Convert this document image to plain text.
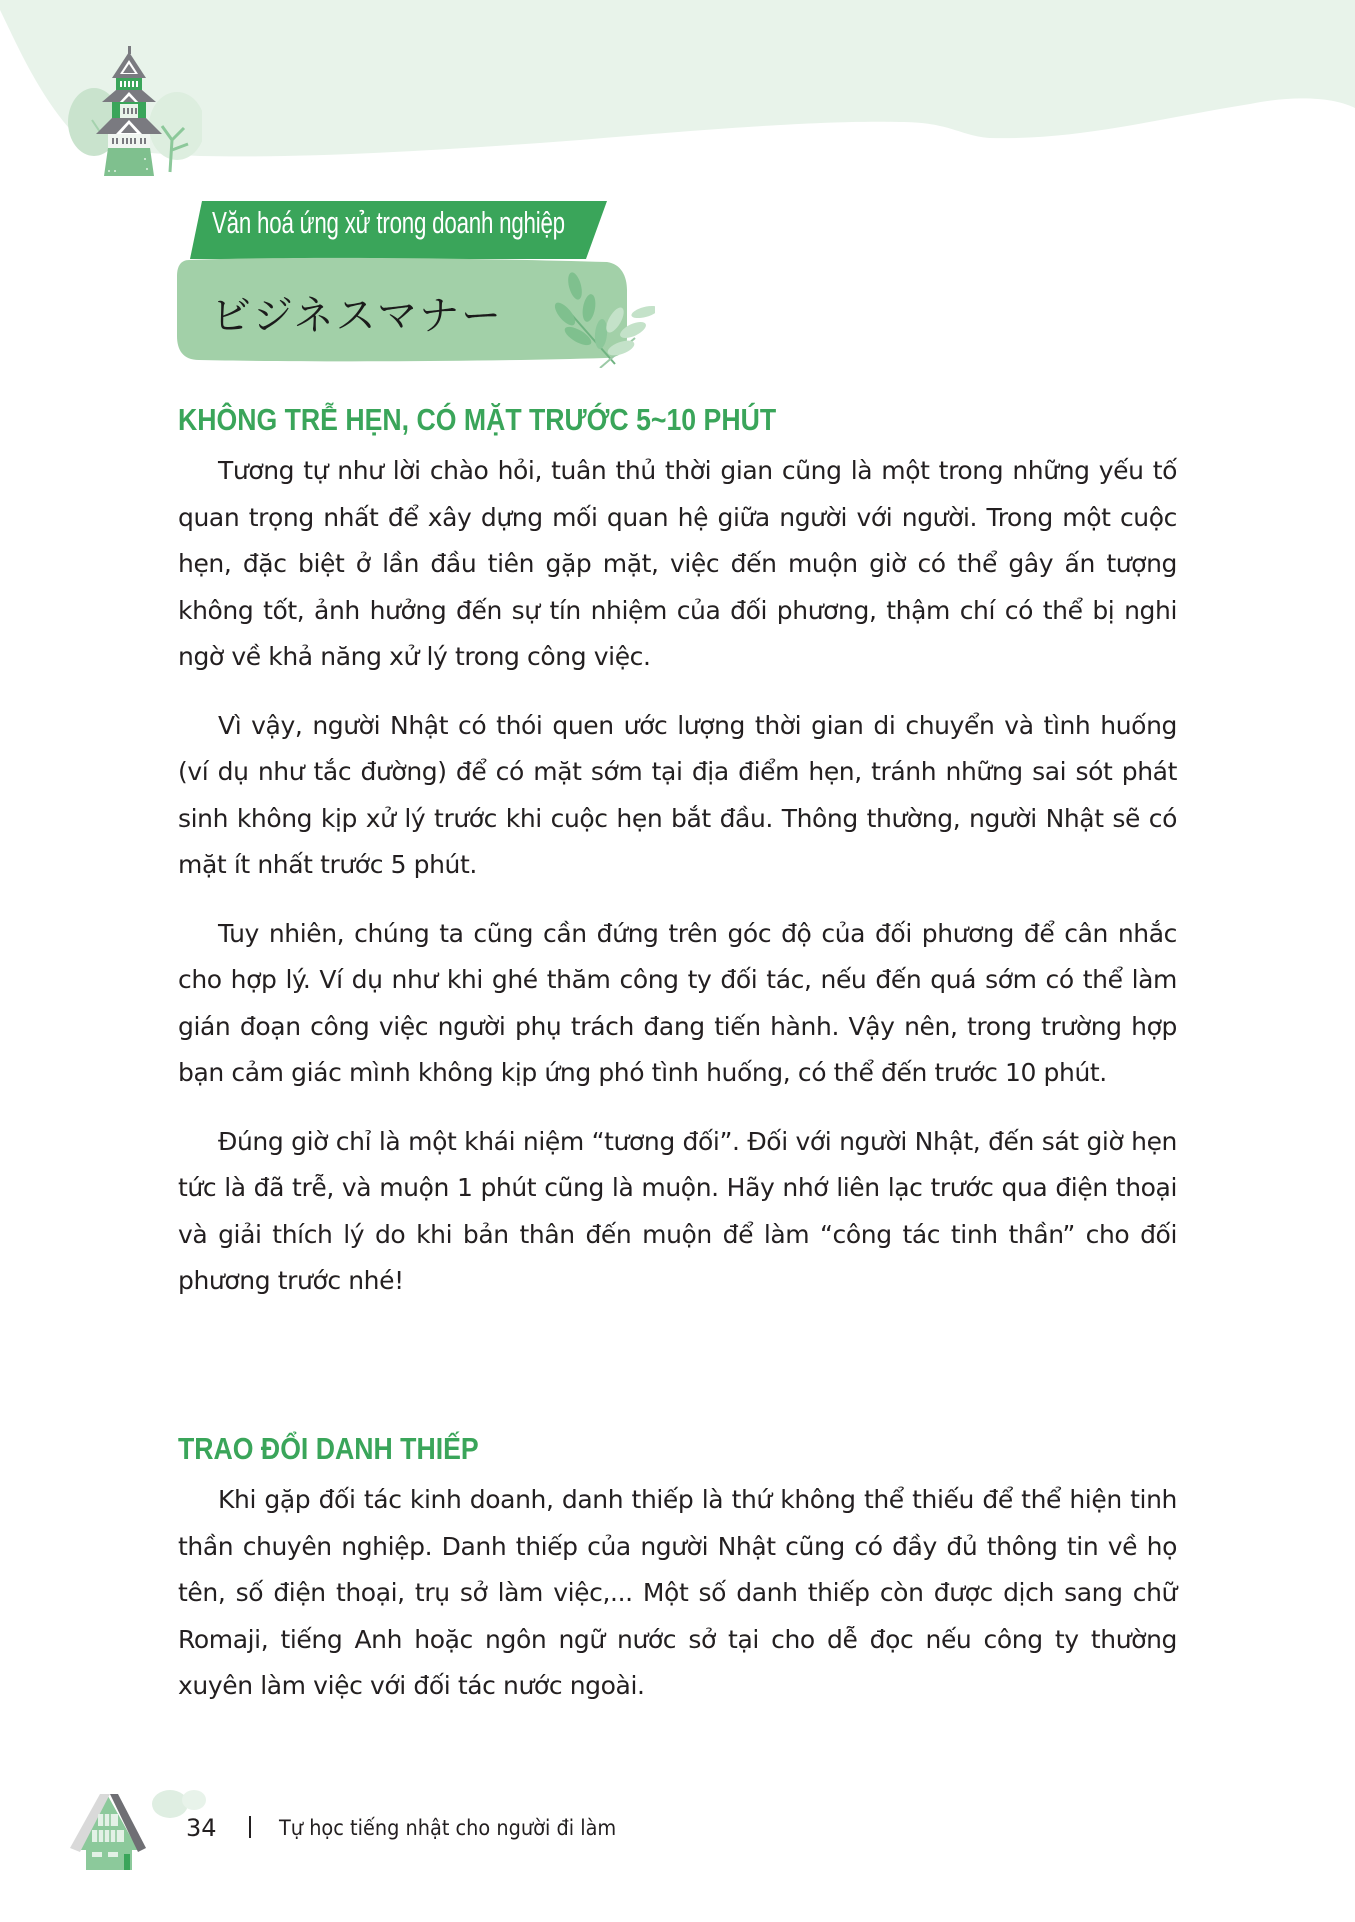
Văn hoá ứng xử trong doanh nghiệp
ビジネスマナー
KHÔNG TRỄ HẸN, CÓ MẶT TRƯỚC 5~10 PHÚT

Tương tự như lời chào hỏi, tuân thủ thời gian cũng là một trong những yếu tố quan trọng nhất để xây dựng mối quan hệ giữa người với người. Trong một cuộc hẹn, đặc biệt ở lần đầu tiên gặp mặt, việc đến muộn giờ có thể gây ấn tượng không tốt, ảnh hưởng đến sự tín nhiệm của đối phương, thậm chí có thể bị nghi ngờ về khả năng xử lý trong công việc.

Vì vậy, người Nhật có thói quen ước lượng thời gian di chuyển và tình huống (ví dụ như tắc đường) để có mặt sớm tại địa điểm hẹn, tránh những sai sót phát sinh không kịp xử lý trước khi cuộc hẹn bắt đầu. Thông thường, người Nhật sẽ có mặt ít nhất trước 5 phút.

Tuy nhiên, chúng ta cũng cần đứng trên góc độ của đối phương để cân nhắc cho hợp lý. Ví dụ như khi ghé thăm công ty đối tác, nếu đến quá sớm có thể làm gián đoạn công việc người phụ trách đang tiến hành. Vậy nên, trong trường hợp bạn cảm giác mình không kịp ứng phó tình huống, có thể đến trước 10 phút.

Đúng giờ chỉ là một khái niệm “tương đối”. Đối với người Nhật, đến sát giờ hẹn tức là đã trễ, và muộn 1 phút cũng là muộn. Hãy nhớ liên lạc trước qua điện thoại và giải thích lý do khi bản thân đến muộn để làm “công tác tinh thần” cho đối phương trước nhé!

TRAO ĐỔI DANH THIẾP

Khi gặp đối tác kinh doanh, danh thiếp là thứ không thể thiếu để thể hiện tinh thần chuyên nghiệp. Danh thiếp của người Nhật cũng có đầy đủ thông tin về họ tên, số điện thoại, trụ sở làm việc,... Một số danh thiếp còn được dịch sang chữ Romaji, tiếng Anh hoặc ngôn ngữ nước sở tại cho dễ đọc nếu công ty thường xuyên làm việc với đối tác nước ngoài.

34	Tự học tiếng nhật cho người đi làm
